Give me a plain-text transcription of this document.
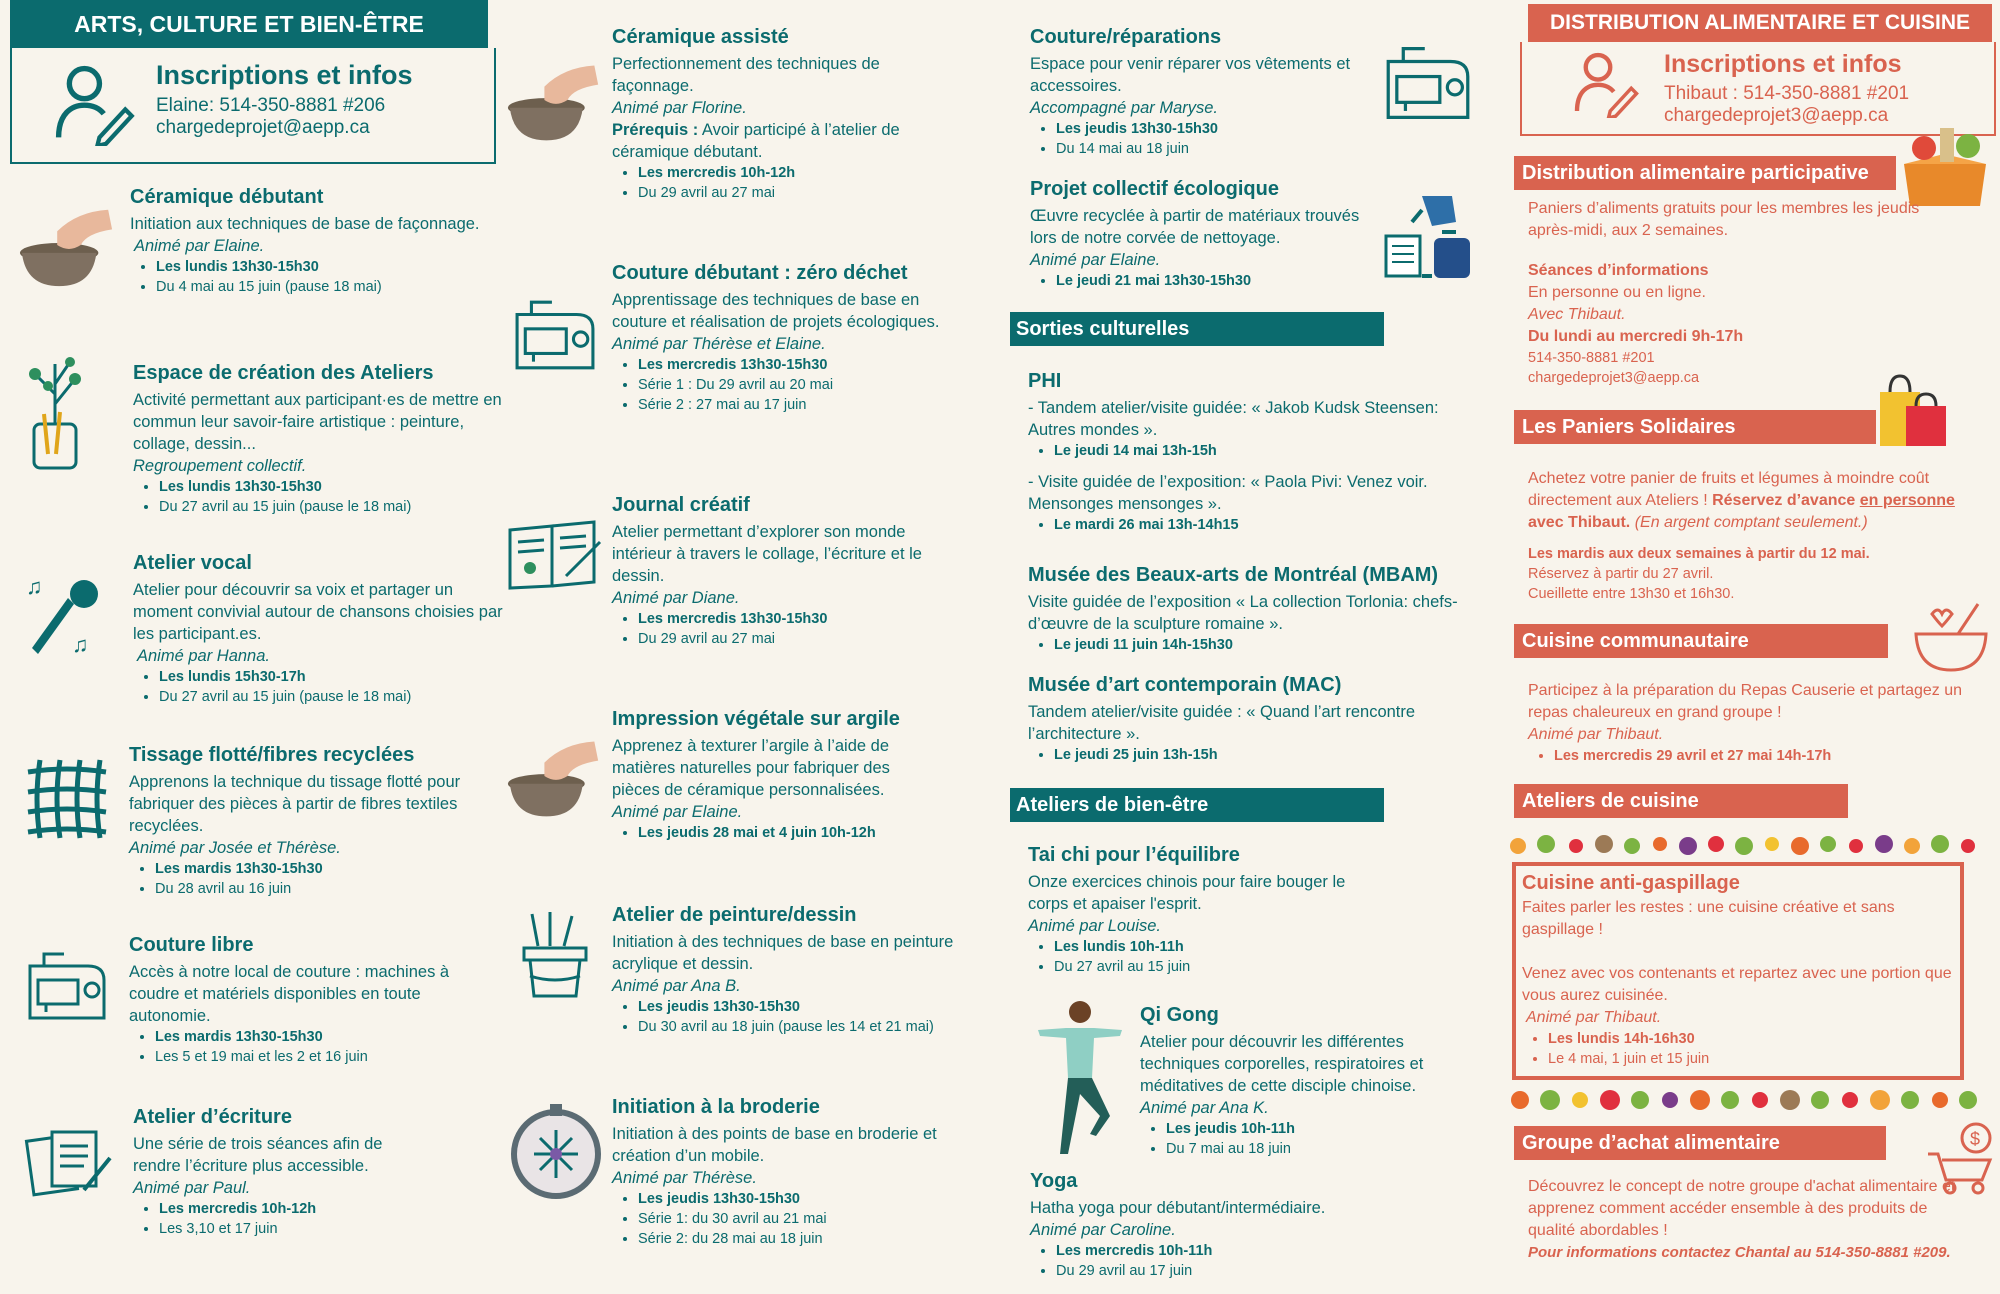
ARTS, CULTURE ET BIEN-ÊTRE
Inscriptions et infos
Elaine: 514-350-8881 #206
chargedeprojet@aepp.ca
Céramique débutant

Initiation aux techniques de base de façonnage.

Animé par Elaine.

• Les lundis 13h30-15h30
• Du 4 mai au 15 juin (pause 18 mai)
Espace de création des Ateliers

Activité permettant aux participant·es de mettre en commun leur savoir-faire artistique : peinture, collage, dessin...

Regroupement collectif.

• Les lundis 13h30-15h30
• Du 27 avril au 15 juin (pause le 18 mai)
♫
♫
Atelier vocal

Atelier pour découvrir sa voix et partager un moment convivial autour de chansons choisies par les participant.es.

Animé par Hanna.

• Les lundis 15h30-17h
• Du 27 avril au 15 juin (pause le 18 mai)
Tissage flotté/fibres recyclées

Apprenons la technique du tissage flotté pour fabriquer des pièces à partir de fibres textiles recyclées.

Animé par Josée et Thérèse.

• Les mardis 13h30-15h30
• Du 28 avril au 16 juin
Couture libre

Accès à notre local de couture : machines à coudre et matériels disponibles en toute autonomie.

• Les mardis 13h30-15h30
• Les 5 et 19 mai et les 2 et 16 juin
Atelier d’écriture

Une série de trois séances afin de rendre l’écriture plus accessible.

Animé par Paul.

• Les mercredis 10h-12h
• Les 3,10 et 17 juin
Céramique assisté

Perfectionnement des techniques de façonnage.

Animé par Florine.

Prérequis : Avoir participé à l’atelier de céramique débutant.

• Les mercredis 10h-12h
• Du 29 avril au 27 mai
Couture débutant : zéro déchet

Apprentissage des techniques de base en couture et réalisation de projets écologiques.

Animé par Thérèse et Elaine.

• Les mercredis 13h30-15h30
• Série 1 : Du 29 avril au 20 mai
• Série 2 : 27 mai au 17 juin
Journal créatif

Atelier permettant d’explorer son monde intérieur à travers le collage, l’écriture et le dessin.

Animé par Diane.

• Les mercredis 13h30-15h30
• Du 29 avril au 27 mai
Impression végétale sur argile

Apprenez à texturer l’argile à l’aide de matières naturelles pour fabriquer des pièces de céramique personnalisées.

Animé par Elaine.

• Les jeudis 28 mai et 4 juin 10h-12h
Atelier de peinture/dessin

Initiation à des techniques de base en peinture acrylique et dessin.

Animé par Ana B.

• Les jeudis 13h30-15h30
• Du 30 avril au 18 juin (pause les 14 et 21 mai)
Initiation à la broderie

Initiation à des points de base en broderie et création d’un mobile.

Animé par Thérèse.

• Les jeudis 13h30-15h30
• Série 1: du 30 avril au 21 mai
• Série 2: du 28 mai au 18 juin
Couture/réparations

Espace pour venir réparer vos vêtements et accessoires.

Accompagné par Maryse.

• Les jeudis 13h30-15h30
• Du 14 mai au 18 juin
Projet collectif écologique

Œuvre recyclée à partir de matériaux trouvés lors de notre corvée de nettoyage.

Animé par Elaine.

• Le jeudi 21 mai 13h30-15h30
Sorties culturelles
PHI

- Tandem atelier/visite guidée: « Jakob Kudsk Steensen: Autres mondes ».

• Le jeudi 14 mai 13h-15h

- Visite guidée de l’exposition: « Paola Pivi: Venez voir. Mensonges mensonges ».

• Le mardi 26 mai 13h-14h15
Musée des Beaux-arts de Montréal (MBAM)

Visite guidée de l’exposition « La collection Torlonia: chefs-d’œuvre de la sculpture romaine ».

• Le jeudi 11 juin 14h-15h30
Musée d’art contemporain (MAC)

Tandem atelier/visite guidée : « Quand l’art rencontre l’architecture ».

• Le jeudi 25 juin 13h-15h
Ateliers de bien-être
Tai chi pour l’équilibre

Onze exercices chinois pour faire bouger le corps et apaiser l'esprit.

Animé par Louise.

• Les lundis 10h-11h
• Du 27 avril au 15 juin
Qi Gong

Atelier pour découvrir les différentes techniques corporelles, respiratoires et méditatives de cette disciple chinoise.

Animé par Ana K.

• Les jeudis 10h-11h
• Du 7 mai au 18 juin
Yoga

Hatha yoga pour débutant/intermédiaire.

Animé par Caroline.

• Les mercredis 10h-11h
• Du 29 avril au 17 juin
DISTRIBUTION ALIMENTAIRE ET CUISINE
Inscriptions et infos
Thibaut : 514-350-8881 #201
chargedeprojet3@aepp.ca
Distribution alimentaire participative

Paniers d’aliments gratuits pour les membres les jeudis après-midi, aux 2 semaines.

Séances d’informations

En personne ou en ligne.

Avec Thibaut.

Du lundi au mercredi 9h-17h

514-350-8881 #201

chargedeprojet3@aepp.ca

Les Paniers Solidaires

Achetez votre panier de fruits et légumes à moindre coût directement aux Ateliers ! Réservez d’avance en personne avec Thibaut. (En argent comptant seulement.)

Les mardis aux deux semaines à partir du 12 mai.

Réservez à partir du 27 avril.

Cueillette entre 13h30 et 16h30.

Cuisine communautaire

Participez à la préparation du Repas Causerie et partagez un repas chaleureux en grand groupe !

Animé par Thibaut.

• Les mercredis 29 avril et 27 mai 14h-17h
Ateliers de cuisine

Cuisine anti-gaspillage

Faites parler les restes : une cuisine créative et sans gaspillage !

Venez avec vos contenants et repartez avec une portion que vous aurez cuisinée.

Animé par Thibaut.

• Les lundis 14h-16h30
• Le 4 mai, 1 juin et 15 juin
Groupe d’achat alimentaire	$

Découvrez le concept de notre groupe d'achat alimentaire et apprenez comment accéder ensemble à des produits de qualité abordables !

Pour informations contactez Chantal au 514-350-8881 #209.
